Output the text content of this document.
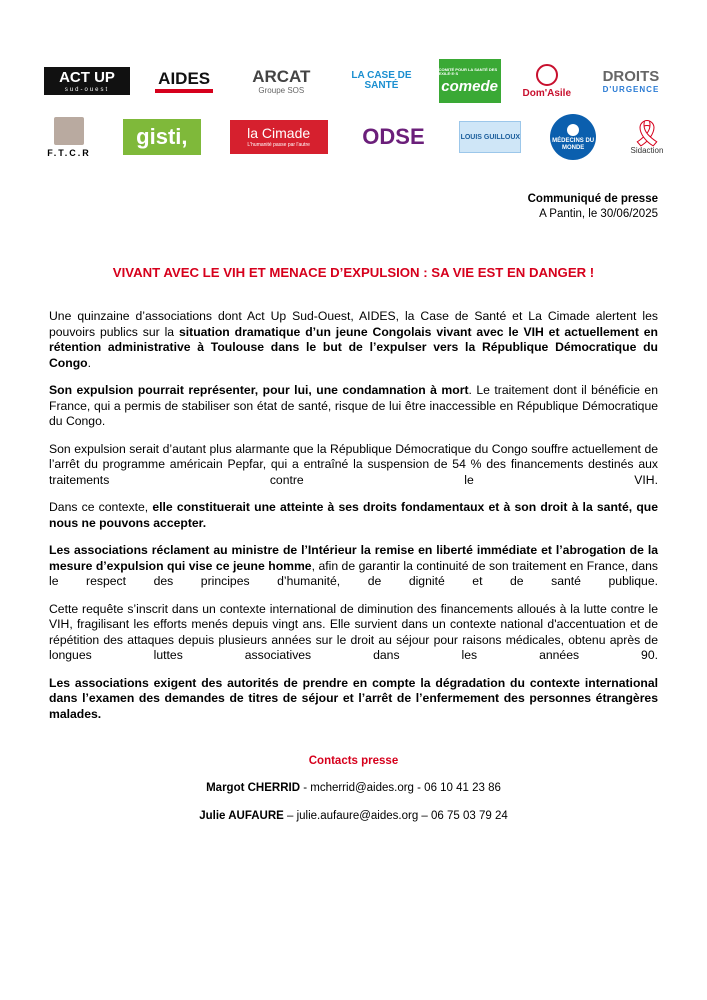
ACT UP
sud-ouest
AIDES ARCAT
Groupe SOS
LA CASE DE SANTÉ
COMITÉ POUR LA SANTÉ DES EXILÉ·E·S
comede Dom'Asile
DROITS
D'URGENCE
F.T.C.R
gisti,	la Cimade
L'humanité passe par l'autre ODSE	LOUIS GUILLOUX
MÉDECINS DU MONDE
🎗
Sidaction
Communiqué de presse
A Pantin, le 30/06/2025
VIVANT AVEC LE VIH ET MENACE D’EXPULSION : SA VIE EST EN DANGER !

Une quinzaine d’associations dont Act Up Sud-Ouest, AIDES, la Case de Santé et La Cimade alertent les pouvoirs publics sur la situation dramatique d’un jeune Congolais vivant avec le VIH et actuellement en rétention administrative à Toulouse dans le but de l’expulser vers la République Démocratique du Congo.

Son expulsion pourrait représenter, pour lui, une condamnation à mort. Le traitement dont il bénéficie en France, qui a permis de stabiliser son état de santé, risque de lui être inaccessible en République Démocratique du Congo.

Son expulsion serait d’autant plus alarmante que la République Démocratique du Congo souffre actuellement de l’arrêt du programme américain Pepfar, qui a entraîné la suspension de 54 % des financements destinés aux traitements contre le VIH.

Dans ce contexte, elle constituerait une atteinte à ses droits fondamentaux et à son droit à la santé, que nous ne pouvons accepter.

Les associations réclament au ministre de l’Intérieur la remise en liberté immédiate et l’abrogation de la mesure d’expulsion qui vise ce jeune homme, afin de garantir la continuité de son traitement en France, dans le respect des principes d’humanité, de dignité et de santé publique.

Cette requête s’inscrit dans un contexte international de diminution des financements alloués à la lutte contre le VIH, fragilisant les efforts menés depuis vingt ans. Elle survient dans un contexte national d'accentuation et de répétition des attaques depuis plusieurs années sur le droit au séjour pour raisons médicales, obtenu après de longues luttes associatives dans les années 90.

Les associations exigent des autorités de prendre en compte la dégradation du contexte international dans l’examen des demandes de titres de séjour et l’arrêt de l’enfermement des personnes étrangères malades.

Contacts presse
Margot CHERRID - mcherrid@aides.org - 06 10 41 23 86
Julie AUFAURE – julie.aufaure@aides.org – 06 75 03 79 24
